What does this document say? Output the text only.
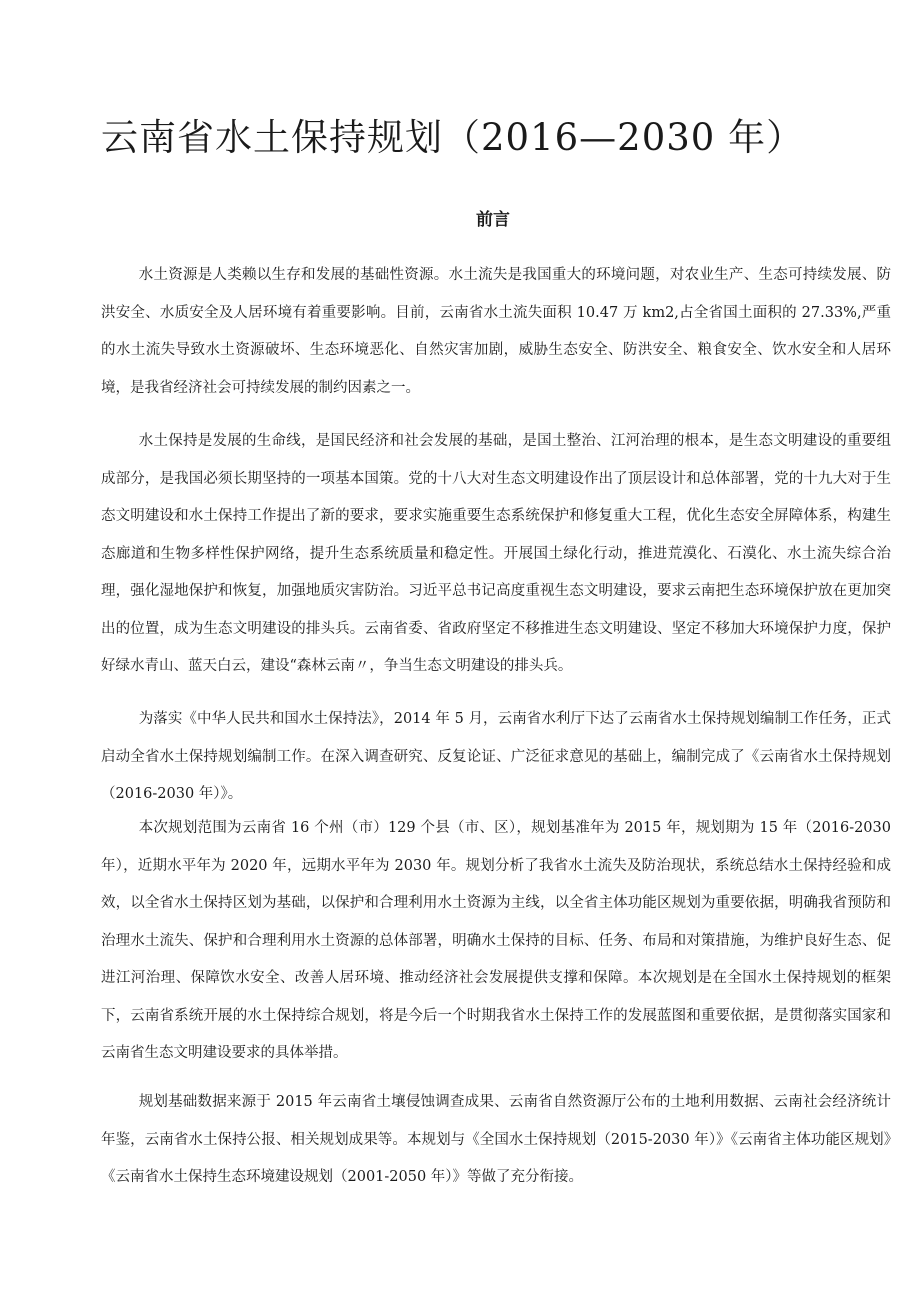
云南省水土保持规划（2016—2030 年）
前言

水土资源是人类赖以生存和发展的基础性资源。水土流失是我国重大的环境问题，对农业生产、生态可持续发展、防洪安全、水质安全及人居环境有着重要影响。目前，云南省水土流失面积 10.47 万 km2,占全省国土面积的 27.33%,严重的水土流失导致水土资源破坏、生态环境恶化、自然灾害加剧，威胁生态安全、防洪安全、粮食安全、饮水安全和人居环境，是我省经济社会可持续发展的制约因素之一。

水土保持是发展的生命线，是国民经济和社会发展的基础，是国土整治、江河治理的根本，是生态文明建设的重要组成部分，是我国必须长期坚持的一项基本国策。党的十八大对生态文明建设作出了顶层设计和总体部署，党的十九大对于生态文明建设和水土保持工作提出了新的要求，要求实施重要生态系统保护和修复重大工程，优化生态安全屏障体系，构建生态廊道和生物多样性保护网络，提升生态系统质量和稳定性。开展国土绿化行动，推进荒漠化、石漠化、水土流失综合治理，强化湿地保护和恢复，加强地质灾害防治。习近平总书记高度重视生态文明建设，要求云南把生态环境保护放在更加突出的位置，成为生态文明建设的排头兵。云南省委、省政府坚定不移推进生态文明建设、坚定不移加大环境保护力度，保护好绿水青山、蓝天白云，建设“森林云南〃，争当生态文明建设的排头兵。

为落实《中华人民共和国水土保持法》，2014 年 5 月，云南省水利厅下达了云南省水土保持规划编制工作任务，正式启动全省水土保持规划编制工作。在深入调查研究、反复论证、广泛征求意见的基础上，编制完成了《云南省水土保持规划（2016-2030 年）》。

本次规划范围为云南省 16 个州（市）129 个县（市、区），规划基准年为 2015 年，规划期为 15 年（2016-2030 年），近期水平年为 2020 年，远期水平年为 2030 年。规划分析了我省水土流失及防治现状，系统总结水土保持经验和成效，以全省水土保持区划为基础，以保护和合理利用水土资源为主线，以全省主体功能区规划为重要依据，明确我省预防和治理水土流失、保护和合理利用水土资源的总体部署，明确水土保持的目标、任务、布局和对策措施，为维护良好生态、促进江河治理、保障饮水安全、改善人居环境、推动经济社会发展提供支撑和保障。本次规划是在全国水土保持规划的框架下，云南省系统开展的水土保持综合规划，将是今后一个时期我省水土保持工作的发展蓝图和重要依据，是贯彻落实国家和云南省生态文明建设要求的具体举措。

规划基础数据来源于 2015 年云南省土壤侵蚀调查成果、云南省自然资源厅公布的土地利用数据、云南社会经济统计年鉴，云南省水土保持公报、相关规划成果等。本规划与《全国水土保持规划（2015-2030 年）》《云南省主体功能区规划》《云南省水土保持生态环境建设规划（2001-2050 年）》等做了充分衔接。
